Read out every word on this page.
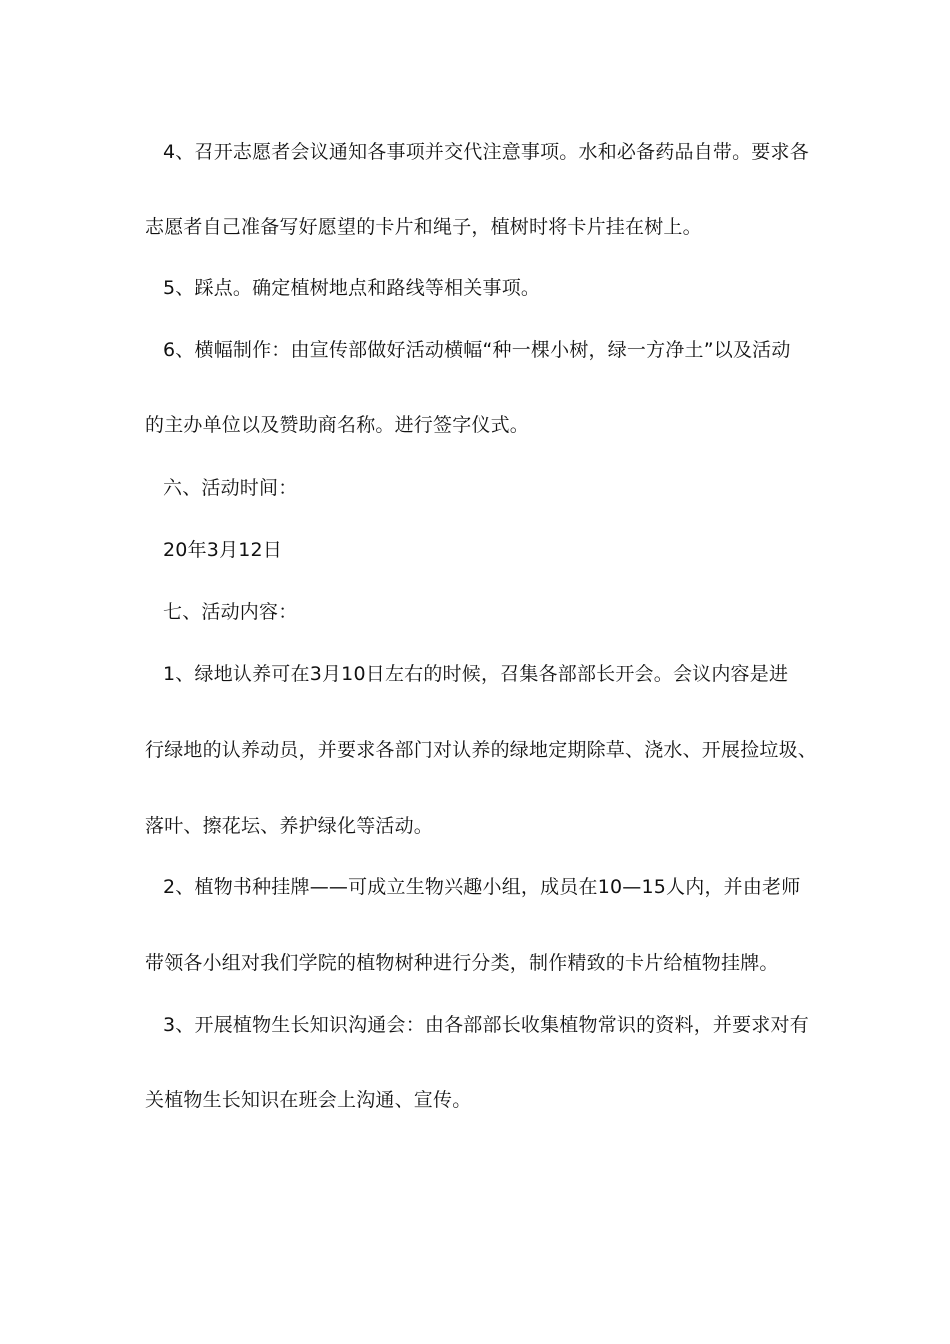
4、召开志愿者会议通知各事项并交代注意事项。水和必备药品自带。要求各
志愿者自己准备写好愿望的卡片和绳子，植树时将卡片挂在树上。
5、踩点。确定植树地点和路线等相关事项。
6、横幅制作：由宣传部做好活动横幅“种一棵小树，绿一方净土”以及活动
的主办单位以及赞助商名称。进行签字仪式。
六、活动时间：
20年3月12日
七、活动内容：
1、绿地认养可在3月10日左右的时候，召集各部部长开会。会议内容是进
行绿地的认养动员，并要求各部门对认养的绿地定期除草、浇水、开展捡垃圾、
落叶、擦花坛、养护绿化等活动。
2、植物书种挂牌——可成立生物兴趣小组，成员在10—15人内，并由老师
带领各小组对我们学院的植物树种进行分类，制作精致的卡片给植物挂牌。
3、开展植物生长知识沟通会：由各部部长收集植物常识的资料，并要求对有
关植物生长知识在班会上沟通、宣传。
